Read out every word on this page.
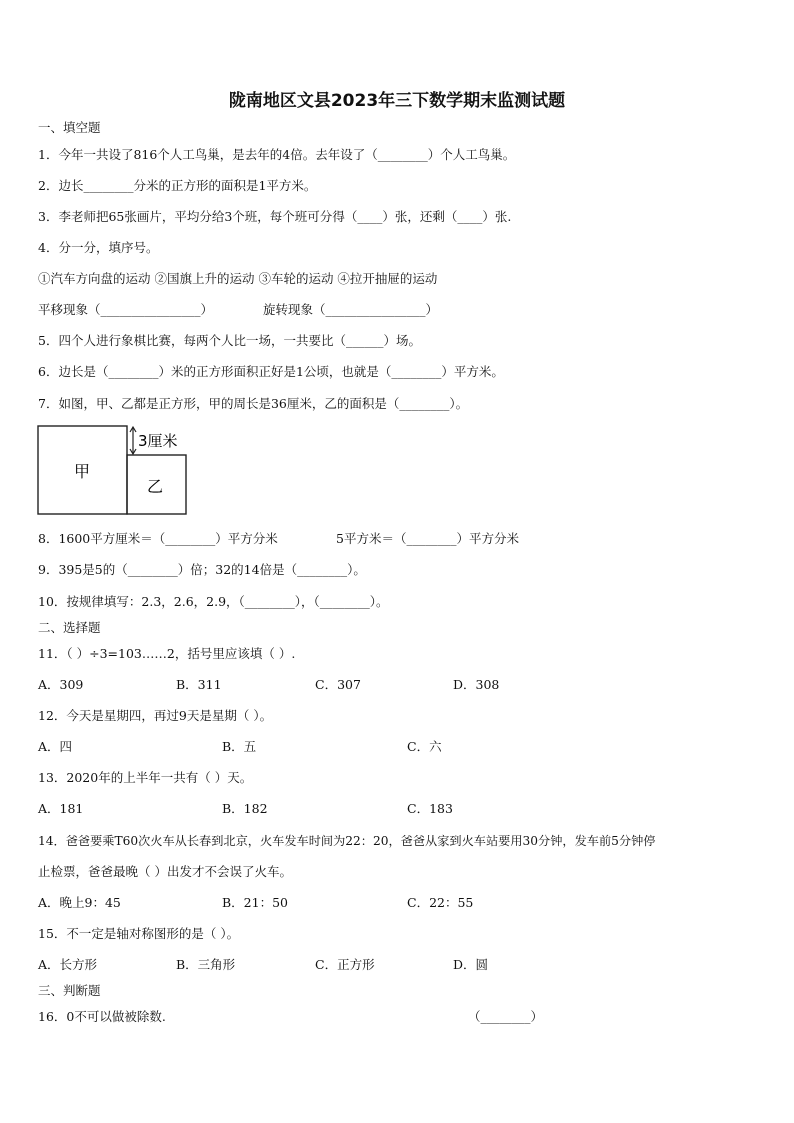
陇南地区文县2023年三下数学期末监测试题
一、填空题
1．今年一共设了816个人工鸟巢，是去年的4倍。去年设了（________）个人工鸟巢。
2．边长________分米的正方形的面积是1平方米。
3．李老师把65张画片，平均分给3个班，每个班可分得（____）张，还剩（____）张.
4．分一分，填序号。
①汽车方向盘的运动 ②国旗上升的运动 ③车轮的运动 ④拉开抽屉的运动
平移现象（________________）	旋转现象（________________）
5．四个人进行象棋比赛，每两个人比一场，一共要比（______）场。
6．边长是（________）米的正方形面积正好是1公顷，也就是（________）平方米。
7．如图，甲、乙都是正方形，甲的周长是36厘米，乙的面积是（________）。
甲
乙
3厘米
8．1600平方厘米＝（________）平方分米	5平方米＝（________）平方分米
9．395是5的（________）倍；32的14倍是（________）。
10．按规律填写：2.3，2.6，2.9，（________），（________）。
二、选择题
11．（ ）÷3=103……2，括号里应该填（ ）.
A．309	B．311	C．307	D．308
12．今天是星期四，再过9天是星期（ ）。
A．四	B．五	C．六
13．2020年的上半年一共有（ ）天。
A．181	B．182	C．183
14．爸爸要乘T60次火车从长春到北京，火车发车时间为22：20，爸爸从家到火车站要用30分钟，发车前5分钟停
止检票，爸爸最晚（ ）出发才不会误了火车。
A．晚上9：45	B．21：50	C．22：55
15．不一定是轴对称图形的是（ ）。
A．长方形	B．三角形	C．正方形	D．圆
三、判断题
16．0不可以做被除数.	（________）
